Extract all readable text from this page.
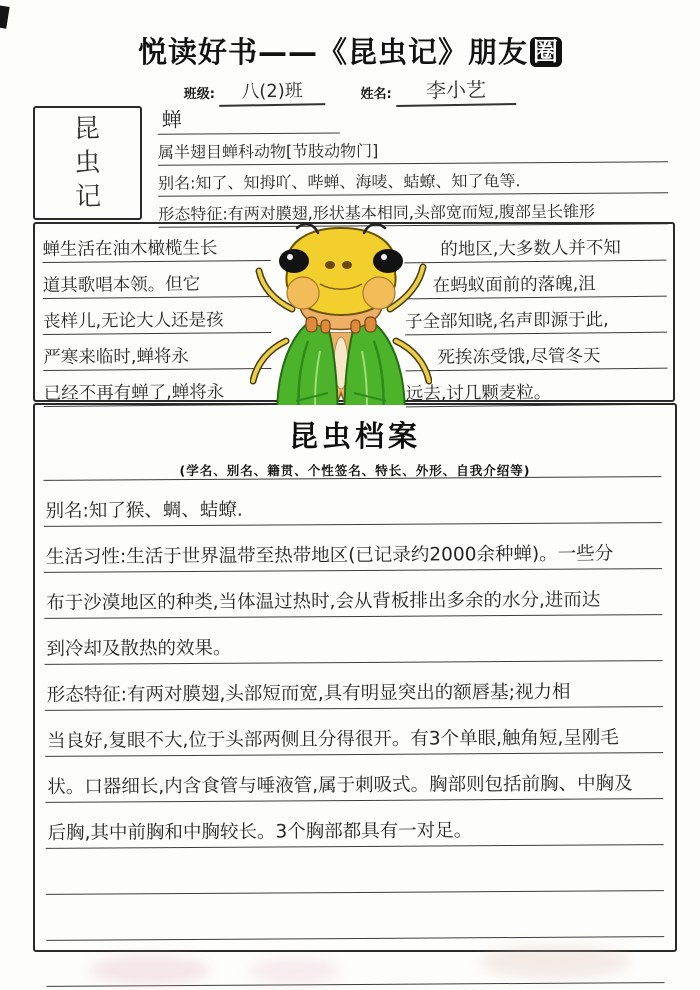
悦读好书——《昆虫记》朋友 圈
班级: 八(2)班	姓名: 李小艺
昆
虫
记
蝉
属半翅目蝉科动物[节肢动物门]
别名:知了、知拇吖、哔蝉、海唛、蛣蟟、知了龟等.
形态特征:有两对膜翅,形状基本相同,头部宽而短,腹部呈长锥形
蝉生活在油木橄榄生长
道其歌唱本领。但它
丧样儿,无论大人还是孩
严寒来临时,蝉将永
已经不再有蝉了,蝉将永
的地区,大多数人并不知
在蚂蚁面前的落魄,沮
子全部知晓,名声即源于此,
死挨冻受饿,尽管冬天
远去,讨几颗麦粒。
昆虫档案
(学名、别名、籍贯、个性签名、特长、外形、自我介绍等)
别名:知了猴、蜩、蛣蟟.
生活习性:生活于世界温带至热带地区(已记录约2000余种蝉)。一些分
布于沙漠地区的种类,当体温过热时,会从背板排出多余的水分,进而达
到冷却及散热的效果。
形态特征:有两对膜翅,头部短而宽,具有明显突出的额唇基;视力相
当良好,复眼不大,位于头部两侧且分得很开。有3个单眼,触角短,呈刚毛
状。口器细长,内含食管与唾液管,属于刺吸式。胸部则包括前胸、中胸及
后胸,其中前胸和中胸较长。3个胸部都具有一对足。
